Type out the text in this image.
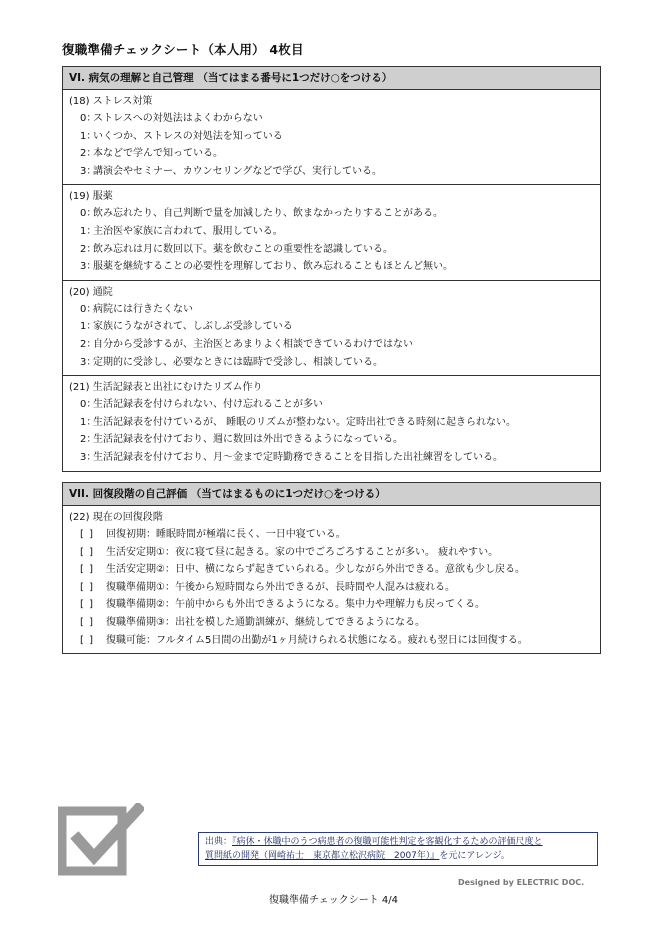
復職準備チェックシート（本人用） 4枚目
VI. 病気の理解と自己管理 （当てはまる番号に1つだけ○をつける）
(18) ストレス対策
0：ストレスへの対処法はよくわからない
1：いくつか、ストレスの対処法を知っている
2：本などで学んで知っている。
3：講演会やセミナー、カウンセリングなどで学び、実行している。
(19) 服薬
0：飲み忘れたり、自己判断で量を加減したり、飲まなかったりすることがある。
1：主治医や家族に言われて、服用している。
2：飲み忘れは月に数回以下。薬を飲むことの重要性を認識している。
3：服薬を継続することの必要性を理解しており、飲み忘れることもほとんど無い。
(20) 通院
0：病院には行きたくない
1：家族にうながされて、しぶしぶ受診している
2：自分から受診するが、主治医とあまりよく相談できているわけではない
3：定期的に受診し、必要なときには臨時で受診し、相談している。
(21) 生活記録表と出社にむけたリズム作り
0：生活記録表を付けられない、付け忘れることが多い
1：生活記録表を付けているが、 睡眠のリズムが整わない。定時出社できる時刻に起きられない。
2：生活記録表を付けており、週に数回は外出できるようになっている。
3：生活記録表を付けており、月〜金まで定時勤務できることを目指した出社練習をしている。
VII. 回復段階の自己評価 （当てはまるものに1つだけ○をつける）
(22) 現在の回復段階
[ ] 回復初期：睡眠時間が極端に長く、一日中寝ている。
[ ] 生活安定期①：夜に寝て昼に起きる。家の中でごろごろすることが多い。 疲れやすい。
[ ] 生活安定期②：日中、横にならず起きていられる。少しながら外出できる。意欲も少し戻る。
[ ] 復職準備期①：午後から短時間なら外出できるが、長時間や人混みは疲れる。
[ ] 復職準備期②：午前中からも外出できるようになる。集中力や理解力も戻ってくる。
[ ] 復職準備期③：出社を模した通勤訓練が、継続してできるようになる。
[ ] 復職可能：フルタイム5日間の出勤が1ヶ月続けられる状態になる。疲れも翌日には回復する。
出典：『病休・休職中のうつ病患者の復職可能性判定を客観化するための評価尺度と
質問紙の開発（岡崎祐士　東京都立松沢病院　2007年）』を元にアレンジ。
Designed by ELECTRIC DOC.
復職準備チェックシート 4/4
